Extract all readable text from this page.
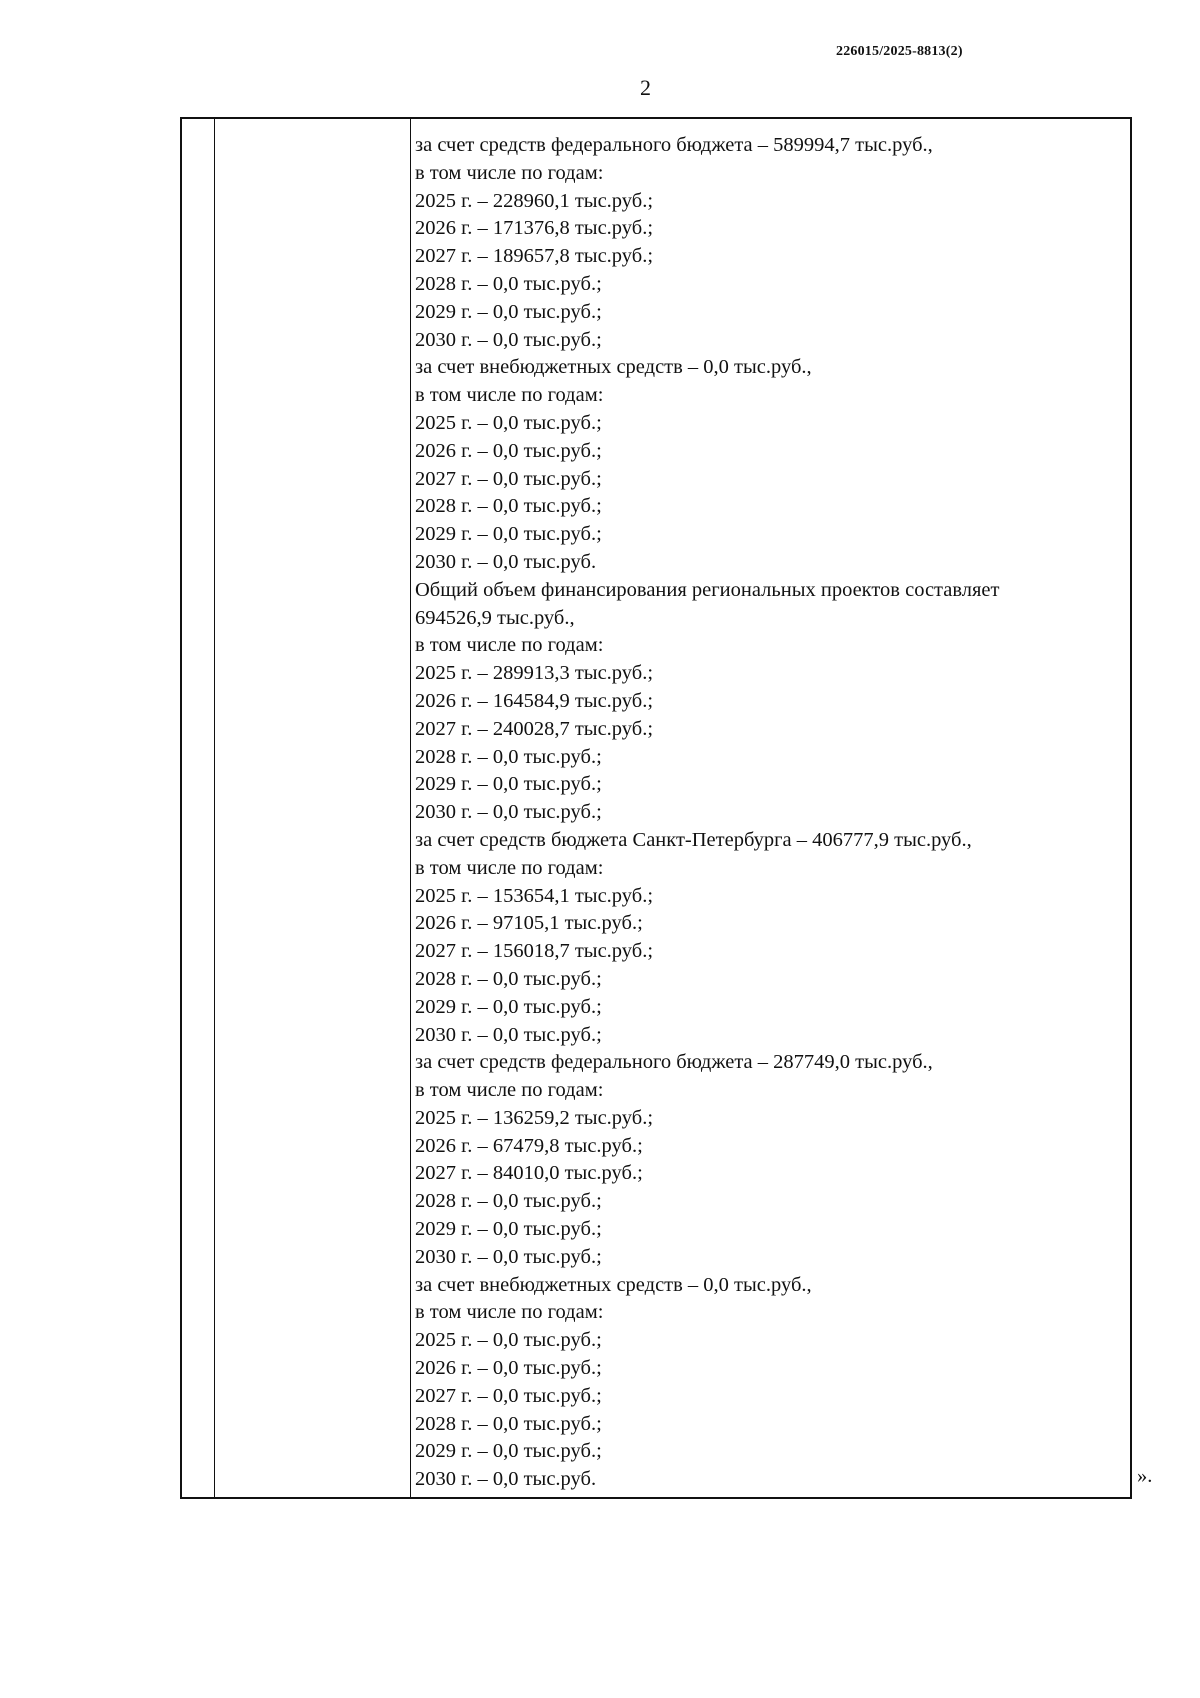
226015/2025-8813(2)
2
за счет средств федерального бюджета – 589994,7 тыс.руб.,
в том числе по годам:
2025 г. – 228960,1 тыс.руб.;
2026 г. – 171376,8 тыс.руб.;
2027 г. – 189657,8 тыс.руб.;
2028 г. – 0,0 тыс.руб.;
2029 г. – 0,0 тыс.руб.;
2030 г. – 0,0 тыс.руб.;
за счет внебюджетных средств – 0,0 тыс.руб.,
в том числе по годам:
2025 г. – 0,0 тыс.руб.;
2026 г. – 0,0 тыс.руб.;
2027 г. – 0,0 тыс.руб.;
2028 г. – 0,0 тыс.руб.;
2029 г. – 0,0 тыс.руб.;
2030 г. – 0,0 тыс.руб.
Общий объем финансирования региональных проектов составляет
694526,9 тыс.руб.,
в том числе по годам:
2025 г. – 289913,3 тыс.руб.;
2026 г. – 164584,9 тыс.руб.;
2027 г. – 240028,7 тыс.руб.;
2028 г. – 0,0 тыс.руб.;
2029 г. – 0,0 тыс.руб.;
2030 г. – 0,0 тыс.руб.;
за счет средств бюджета Санкт-Петербурга – 406777,9 тыс.руб.,
в том числе по годам:
2025 г. – 153654,1 тыс.руб.;
2026 г. – 97105,1 тыс.руб.;
2027 г. – 156018,7 тыс.руб.;
2028 г. – 0,0 тыс.руб.;
2029 г. – 0,0 тыс.руб.;
2030 г. – 0,0 тыс.руб.;
за счет средств федерального бюджета – 287749,0 тыс.руб.,
в том числе по годам:
2025 г. – 136259,2 тыс.руб.;
2026 г. – 67479,8 тыс.руб.;
2027 г. – 84010,0 тыс.руб.;
2028 г. – 0,0 тыс.руб.;
2029 г. – 0,0 тыс.руб.;
2030 г. – 0,0 тыс.руб.;
за счет внебюджетных средств – 0,0 тыс.руб.,
в том числе по годам:
2025 г. – 0,0 тыс.руб.;
2026 г. – 0,0 тыс.руб.;
2027 г. – 0,0 тыс.руб.;
2028 г. – 0,0 тыс.руб.;
2029 г. – 0,0 тыс.руб.;
2030 г. – 0,0 тыс.руб.	».
